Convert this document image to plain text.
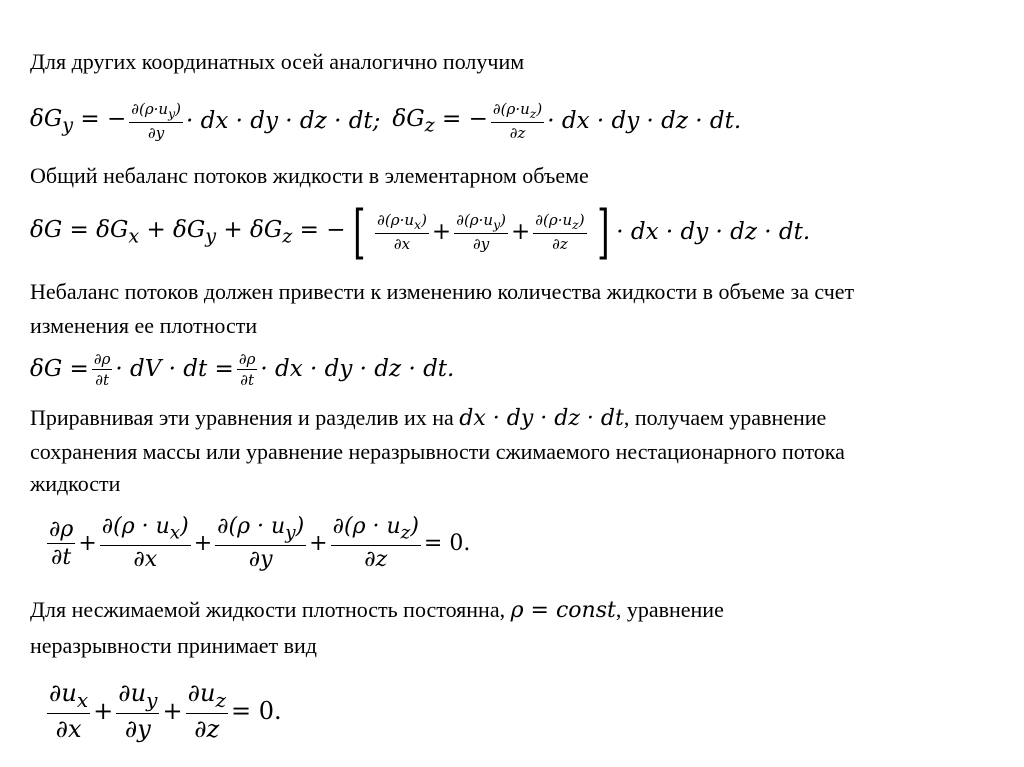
Для других координатных осей аналогично получим
$\delta G_y$ = − $\frac{\partial(\rho\cdot u_y)}{\partial y}$ · dx · dy · dz · dt; $\delta G_z$ = − $\frac{\partial(\rho\cdot u_z)}{\partial z}$ · dx · dy · dz · dt.
Общий небаланс потоков жидкости в элементарном объеме
$\delta G = \delta G_x + \delta G_y + \delta G_z$ = − [ $\frac{\partial(\rho\cdot u_x)}{\partial x} + \frac{\partial(\rho\cdot u_y)}{\partial y} + \frac{\partial(\rho\cdot u_z)}{\partial z}$ ] · dx · dy · dz · dt.
Небаланс потоков должен привести к изменению количества жидкости в объеме за счет
изменения ее плотности
$\delta G = \frac{\partial\rho}{\partial t}$ · dV · dt = $\frac{\partial\rho}{\partial t}$ · dx · dy · dz · dt.
Приравнивая эти уравнения и разделив их на dx · dy · dz · dt, получаем уравнение
сохранения массы или уравнение неразрывности сжимаемого нестационарного потока
жидкости
$\frac{\partial\rho}{\partial t} + \frac{\partial(\rho \cdot u_x)}{\partial x} + \frac{\partial(\rho \cdot u_y)}{\partial y} + \frac{\partial(\rho \cdot u_z)}{\partial z} = 0$.
Для несжимаемой жидкости плотность постоянна, ρ = const, уравнение
неразрывности принимает вид
$\frac{\partial u_x}{\partial x} + \frac{\partial u_y}{\partial y} + \frac{\partial u_z}{\partial z} = 0$.
